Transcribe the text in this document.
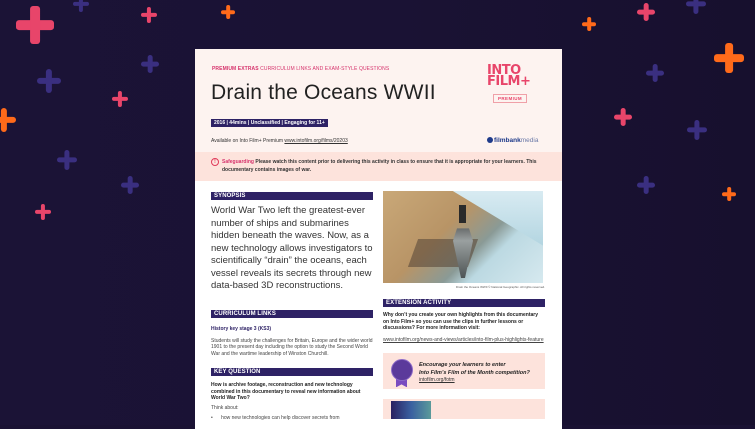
PREMIUM EXTRAS CURRICULUM LINKS AND EXAM-STYLE QUESTIONS
Drain the Oceans WWII
2016 | 44mins | Unclassified | Engaging for 11+
Available on Into Film+ Premium www.intofilm.org/films/20203
INTO
FILM+
PREMIUM
filmbankmedia
!	Safeguarding Please watch this content prior to delivering this activity in class to ensure that it is appropriate for your learners. This documentary contains images of war.
SYNOPSIS
World War Two left the greatest-ever number of ships and submarines hidden beneath the waves. Now, as a new technology allows investigators to scientifically “drain” the oceans, each vessel reveals its secrets through new data-based 3D reconstructions.
CURRICULUM LINKS
History key stage 3 (KS3)
Students will study the challenges for Britain, Europe and the wider world 1901 to the present day including the option to study the Second World War and the wartime leadership of Winston Churchill.
KEY QUESTION
How is archive footage, reconstruction and new technology combined in this documentary to reveal new information about World War Two?
Think about:
•      how new technologies can help discover secrets from
Drain the Oceans WWII © National Geographic. All rights reserved.
EXTENSION ACTIVITY
Why don’t you create your own highlights from this documentary on Into Film+ so you can use the clips in further lessons or discussions? For more information visit:
www.intofilm.org/news-and-views/articles/into-film-plus-highlights-feature
Encourage your learners to enter
Into Film’s Film of the Month competition?
intofilm.org/fotm
